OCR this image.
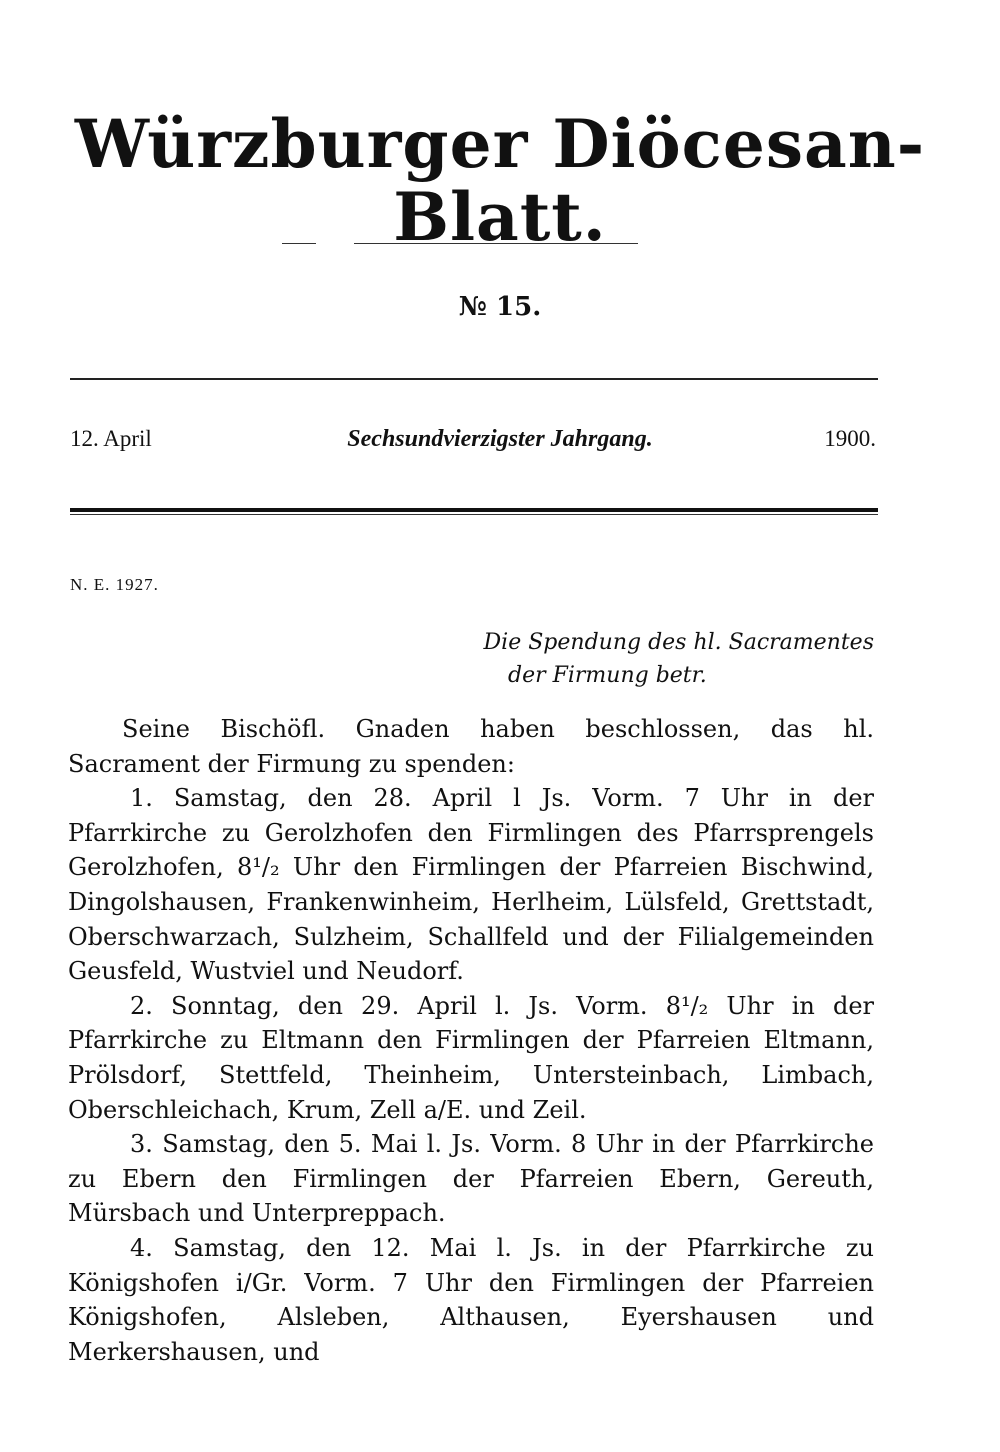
Würzburger Diöcesan-Blatt.
№ 15.
12. April	Sechsundvierzigster Jahrgang.	1900.
N. E. 1927.
Die Spendung des hl. Sacramentes
der Firmung betr.

Seine Bischöfl. Gnaden haben beschlossen, das hl. Sacrament der Firmung zu spenden:

1. Samstag, den 28. April l Js. Vorm. 7 Uhr in der Pfarrkirche zu Gerolzhofen den Firmlingen des Pfarrsprengels Gerolzhofen, 8¹/₂ Uhr den Firmlingen der Pfarreien Bischwind, Dingolshausen, Frankenwinheim, Herlheim, Lülsfeld, Grettstadt, Oberschwarzach, Sulzheim, Schallfeld und der Filialgemeinden Geusfeld, Wustviel und Neudorf.

2. Sonntag, den 29. April l. Js. Vorm. 8¹/₂ Uhr in der Pfarrkirche zu Eltmann den Firmlingen der Pfarreien Eltmann, Prölsdorf, Stettfeld, Theinheim, Untersteinbach, Limbach, Oberschleichach, Krum, Zell a/E. und Zeil.

3. Samstag, den 5. Mai l. Js. Vorm. 8 Uhr in der Pfarrkirche zu Ebern den Firmlingen der Pfarreien Ebern, Gereuth, Mürsbach und Unterpreppach.

4. Samstag, den 12. Mai l. Js. in der Pfarrkirche zu Königshofen i/Gr. Vorm. 7 Uhr den Firmlingen der Pfarreien Königshofen, Alsleben, Althausen, Eyershausen und Merkershausen, und
